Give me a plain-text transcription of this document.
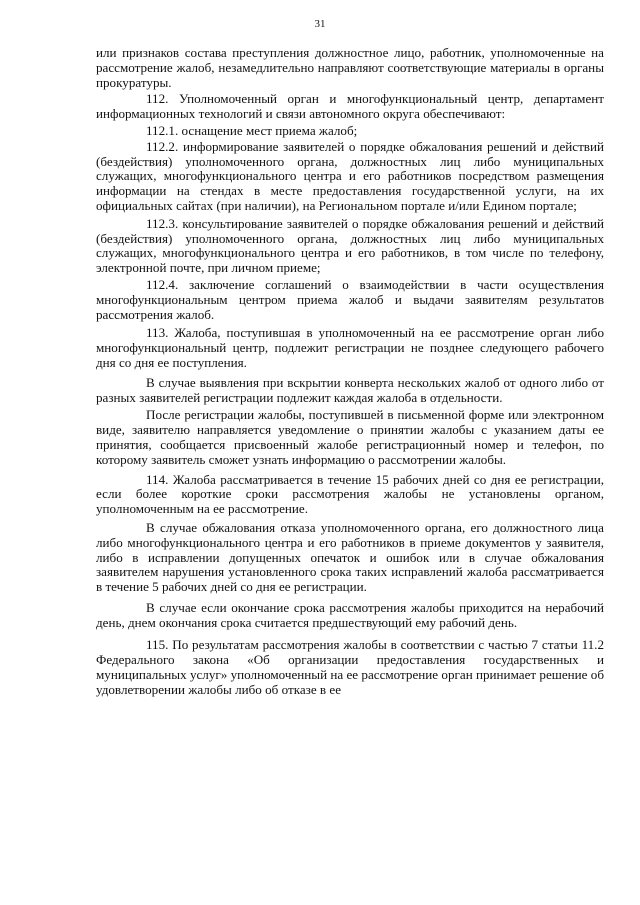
31

или признаков состава преступления должностное лицо, работник, уполномоченные на рассмотрение жалоб, незамедлительно направляют соответствующие материалы в органы прокуратуры.

112. Уполномоченный орган и многофункциональный центр, департамент информационных технологий и связи автономного округа обеспечивают:

112.1. оснащение мест приема жалоб;

112.2. информирование заявителей о порядке обжалования решений и действий (бездействия) уполномоченного органа, должностных лиц либо муниципальных служащих, многофункционального центра и его работников посредством размещения информации на стендах в месте предоставления государственной услуги, на их официальных сайтах (при наличии), на Региональном портале и/или Едином портале;

112.3. консультирование заявителей о порядке обжалования решений и действий (бездействия) уполномоченного органа, должностных лиц либо муниципальных служащих, многофункционального центра и его работников, в том числе по телефону, электронной почте, при личном приеме;

112.4. заключение соглашений о взаимодействии в части осуществления многофункциональным центром приема жалоб и выдачи заявителям результатов рассмотрения жалоб.

113. Жалоба, поступившая в уполномоченный на ее рассмотрение орган либо многофункциональный центр, подлежит регистрации не позднее следующего рабочего дня со дня ее поступления.

В случае выявления при вскрытии конверта нескольких жалоб от одного либо от разных заявителей регистрации подлежит каждая жалоба в отдельности.

После регистрации жалобы, поступившей в письменной форме или электронном виде, заявителю направляется уведомление о принятии жалобы с указанием даты ее принятия, сообщается присвоенный жалобе регистрационный номер и телефон, по которому заявитель сможет узнать информацию о рассмотрении жалобы.

114. Жалоба рассматривается в течение 15 рабочих дней со дня ее регистрации, если более короткие сроки рассмотрения жалобы не установлены органом, уполномоченным на ее рассмотрение.

В случае обжалования отказа уполномоченного органа, его должностного лица либо многофункционального центра и его работников в приеме документов у заявителя, либо в исправлении допущенных опечаток и ошибок или в случае обжалования заявителем нарушения установленного срока таких исправлений жалоба рассматривается в течение 5 рабочих дней со дня ее регистрации.

В случае если окончание срока рассмотрения жалобы приходится на нерабочий день, днем окончания срока считается предшествующий ему рабочий день.

115. По результатам рассмотрения жалобы в соответствии с частью 7 статьи 11.2 Федерального закона «Об организации предоставления государственных и муниципальных услуг» уполномоченный на ее рассмотрение орган принимает решение об удовлетворении жалобы либо об отказе в ее
